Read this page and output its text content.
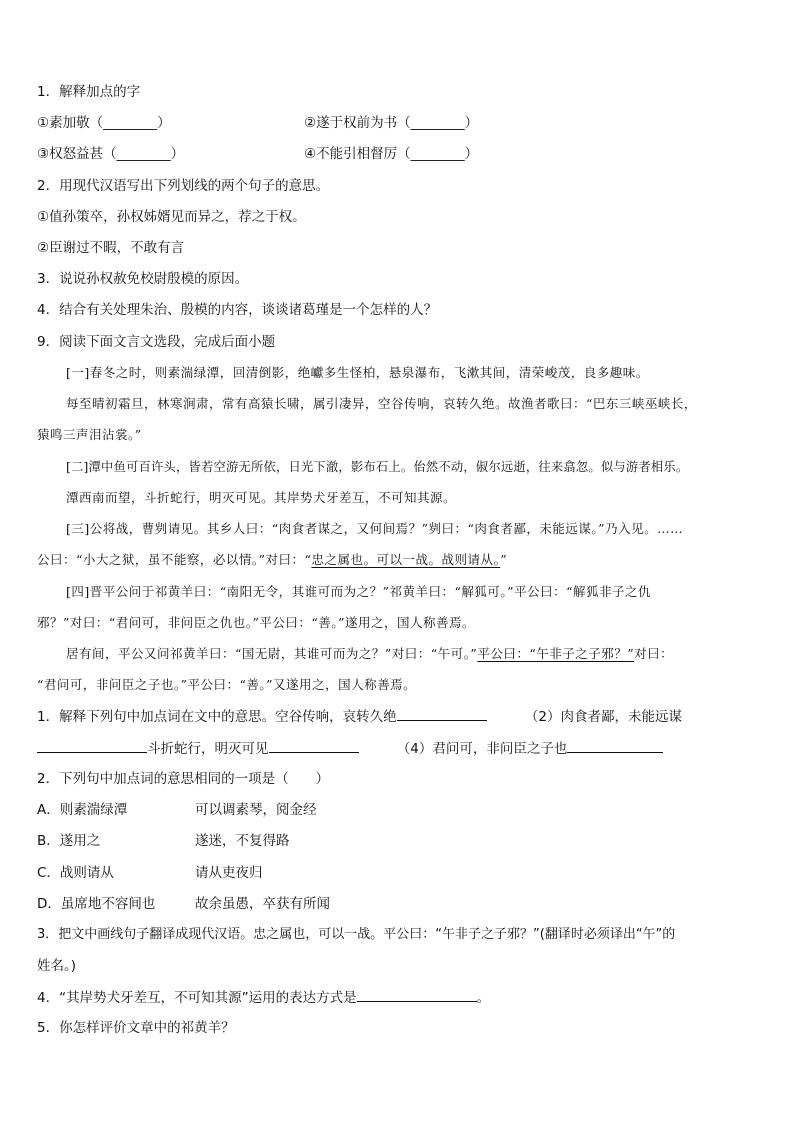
1．解释加点的字
①素加敬（________）	②遂于权前为书（________）
③权怒益甚（________）	④不能引相督厉（________）
2．用现代汉语写出下列划线的两个句子的意思。
①值孙策卒，孙权姊婿见而异之，荐之于权。
②臣谢过不暇，不敢有言
3．说说孙权赦免校尉殷模的原因。
4．结合有关处理朱治、殷模的内容，谈谈诸葛瑾是一个怎样的人？
9．阅读下面文言文选段，完成后面小题
[一]春冬之时，则素湍绿潭，回清倒影，绝巘多生怪柏，悬泉瀑布，飞漱其间，清荣峻茂，良多趣味。
每至晴初霜旦，林寒涧肃，常有高猿长啸，属引凄异，空谷传响，哀转久绝。故渔者歌曰：“巴东三峡巫峡长，
猿鸣三声泪沾裳。”
[二]潭中鱼可百许头，皆若空游无所依，日光下澈，影布石上。佁然不动，俶尔远逝，往来翕忽。似与游者相乐。
潭西南而望，斗折蛇行，明灭可见。其岸势犬牙差互，不可知其源。
[三]公将战，曹刿请见。其乡人曰：“肉食者谋之，又何间焉？”刿曰：“肉食者鄙，未能远谋。”乃入见。……
公曰：“小大之狱，虽不能察，必以情。”对曰：“忠之属也。可以一战。战则请从。”
[四]晋平公问于祁黄羊曰：“南阳无令，其谁可而为之？”祁黄羊曰：“解狐可。”平公曰：“解狐非子之仇
邪？”对曰：“君问可，非问臣之仇也。”平公曰：“善。”遂用之，国人称善焉。
居有间，平公又问祁黄羊曰：“国无尉，其谁可而为之？”对曰：“午可。”平公曰：“午非子之子邪？”对曰：
“君问可，非问臣之子也。”平公曰：“善。”又遂用之，国人称善焉。
1．解释下列句中加点词在文中的意思。空谷传响，哀转久绝	（2）肉食者鄙，未能远谋
斗折蛇行，明灭可见	（4）君问可，非问臣之子也
2．下列句中加点词的意思相同的一项是（　　）
A．则素湍绿潭	可以调素琴，阅金经
B．遂用之	遂迷，不复得路
C．战则请从	请从吏夜归
D．虽席地不容间也	故余虽愚，卒获有所闻
3．把文中画线句子翻译成现代汉语。忠之属也，可以一战。平公曰：“午非子之子邪？”(翻译时必须译出“午”的
姓名。)
4．“其岸势犬牙差互，不可知其源”运用的表达方式是	。
5．你怎样评价文章中的祁黄羊？
